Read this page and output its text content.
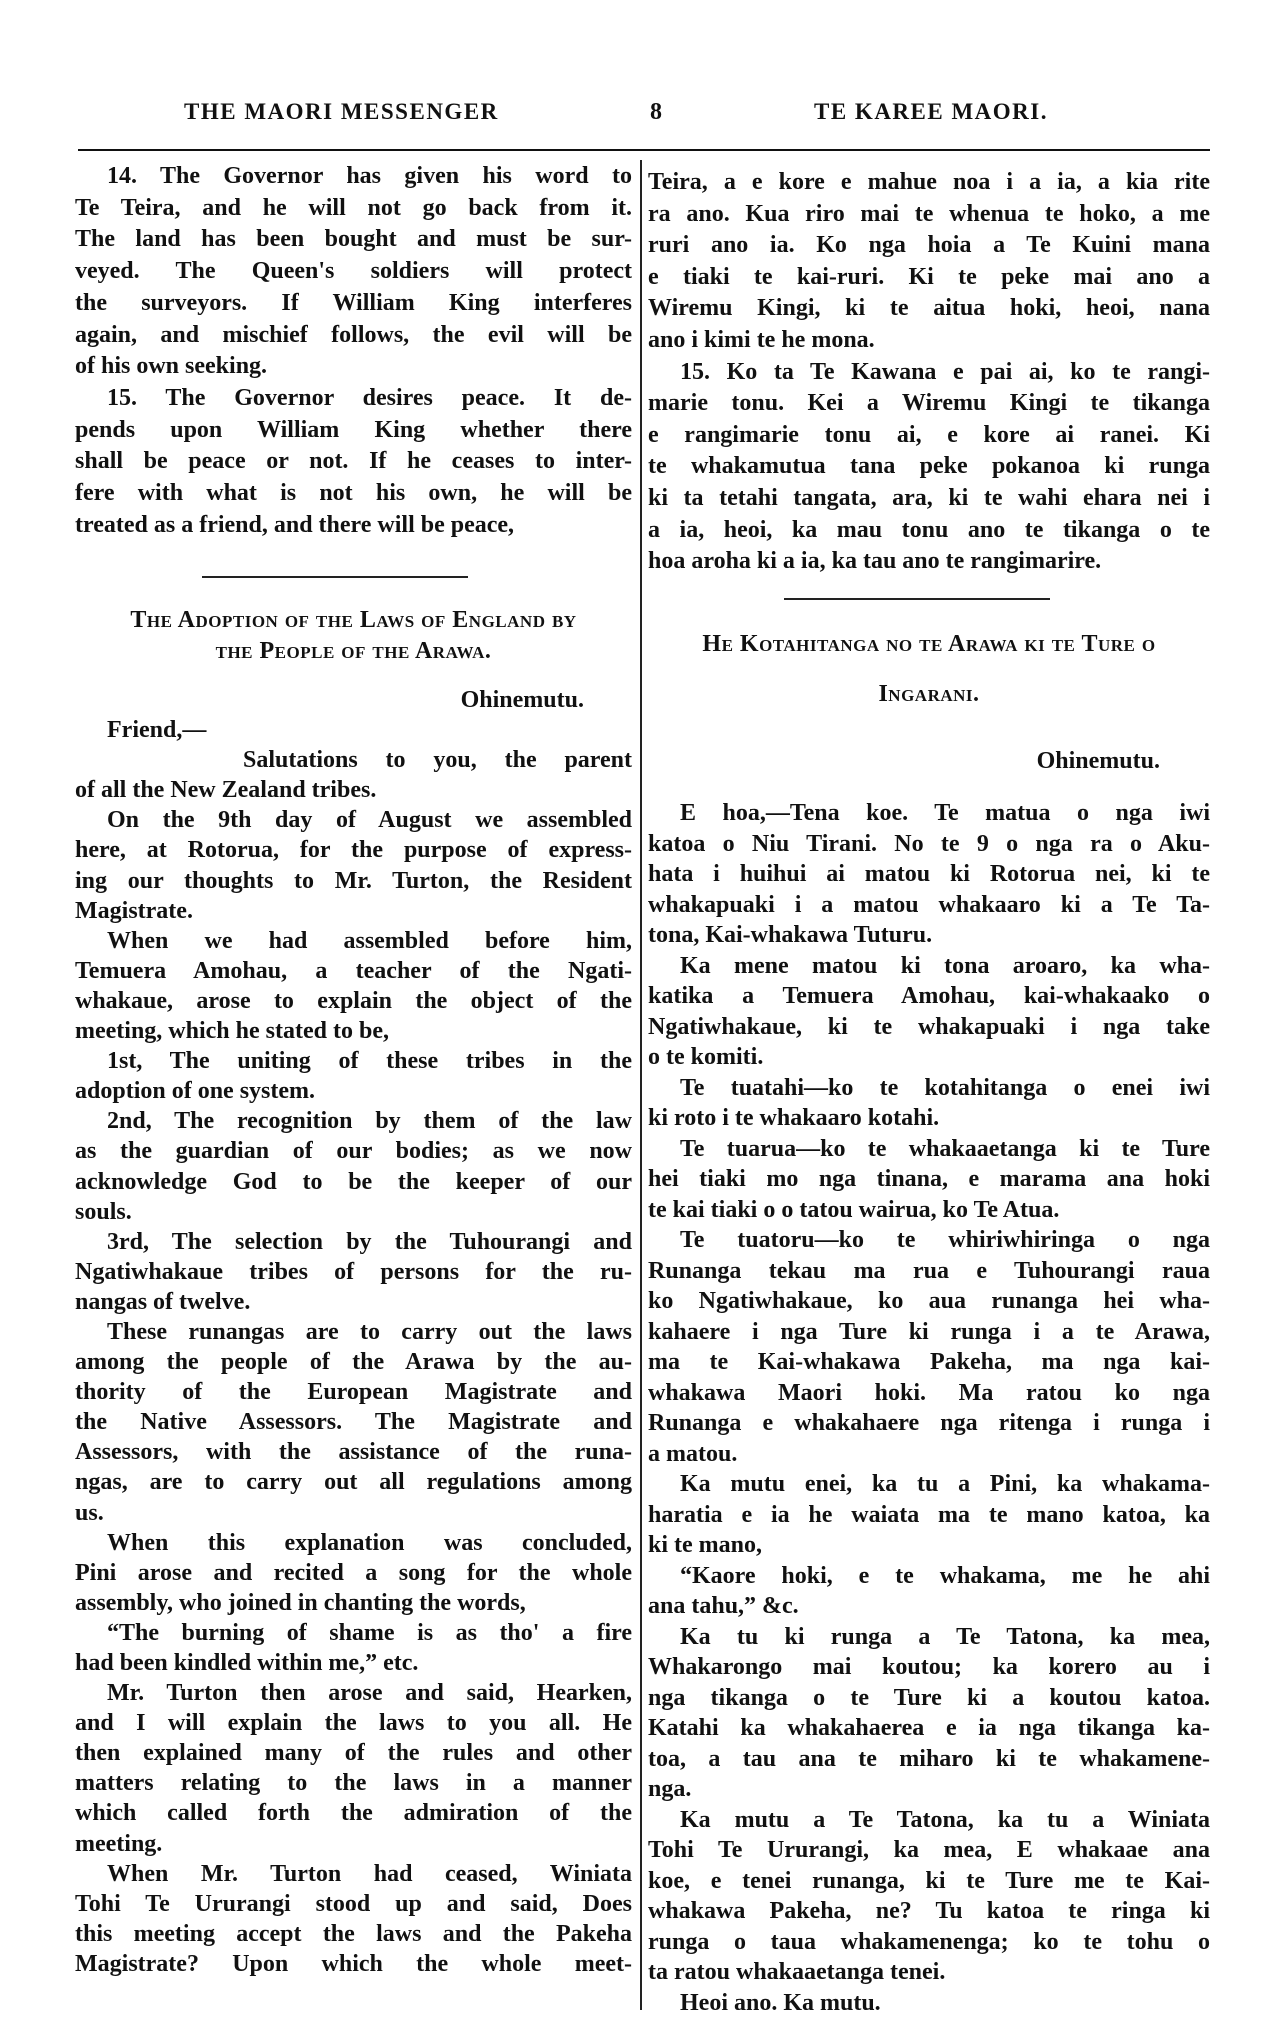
THE MAORI MESSENGER	8	TE KAREE MAORI.
14. The Governor has given his word to
Te Teira, and he will not go back from it.
The land has been bought and must be sur-
veyed. The Queen's soldiers will protect
the surveyors. If William King interferes
again, and mischief follows, the evil will be
of his own seeking.
15. The Governor desires peace. It de-
pends upon William King whether there
shall be peace or not. If he ceases to inter-
fere with what is not his own, he will be
treated as a friend, and there will be peace,
The Adoption of the Laws of England by
the People of the Arawa.
Ohinemutu.
Friend,—
Salutations to you, the parent
of all the New Zealand tribes.
On the 9th day of August we assembled
here, at Rotorua, for the purpose of express-
ing our thoughts to Mr. Turton, the Resident
Magistrate.
When we had assembled before him,
Temuera Amohau, a teacher of the Ngati-
whakaue, arose to explain the object of the
meeting, which he stated to be,
1st, The uniting of these tribes in the
adoption of one system.
2nd, The recognition by them of the law
as the guardian of our bodies; as we now
acknowledge God to be the keeper of our
souls.
3rd, The selection by the Tuhourangi and
Ngatiwhakaue tribes of persons for the ru-
nangas of twelve.
These runangas are to carry out the laws
among the people of the Arawa by the au-
thority of the European Magistrate and
the Native Assessors. The Magistrate and
Assessors, with the assistance of the runa-
ngas, are to carry out all regulations among
us.
When this explanation was concluded,
Pini arose and recited a song for the whole
assembly, who joined in chanting the words,
“The burning of shame is as tho' a fire
had been kindled within me,” etc.
Mr. Turton then arose and said, Hearken,
and I will explain the laws to you all. He
then explained many of the rules and other
matters relating to the laws in a manner
which called forth the admiration of the
meeting.
When Mr. Turton had ceased, Winiata
Tohi Te Ururangi stood up and said, Does
this meeting accept the laws and the Pakeha
Magistrate? Upon which the whole meet-
Teira, a e kore e mahue noa i a ia, a kia rite
ra ano. Kua riro mai te whenua te hoko, a me
ruri ano ia. Ko nga hoia a Te Kuini mana
e tiaki te kai-ruri. Ki te peke mai ano a
Wiremu Kingi, ki te aitua hoki, heoi, nana
ano i kimi te he mona.
15. Ko ta Te Kawana e pai ai, ko te rangi-
marie tonu. Kei a Wiremu Kingi te tikanga
e rangimarie tonu ai, e kore ai ranei. Ki
te whakamutua tana peke pokanoa ki runga
ki ta tetahi tangata, ara, ki te wahi ehara nei i
a ia, heoi, ka mau tonu ano te tikanga o te
hoa aroha ki a ia, ka tau ano te rangimarire.
He Kotahitanga no te Arawa ki te Ture o
Ingarani.
Ohinemutu.
E hoa,—Tena koe. Te matua o nga iwi
katoa o Niu Tirani. No te 9 o nga ra o Aku-
hata i huihui ai matou ki Rotorua nei, ki te
whakapuaki i a matou whakaaro ki a Te Ta-
tona, Kai-whakawa Tuturu.
Ka mene matou ki tona aroaro, ka wha-
katika a Temuera Amohau, kai-whakaako o
Ngatiwhakaue, ki te whakapuaki i nga take
o te komiti.
Te tuatahi—ko te kotahitanga o enei iwi
ki roto i te whakaaro kotahi.
Te tuarua—ko te whakaaetanga ki te Ture
hei tiaki mo nga tinana, e marama ana hoki
te kai tiaki o o tatou wairua, ko Te Atua.
Te tuatoru—ko te whiriwhiringa o nga
Runanga tekau ma rua e Tuhourangi raua
ko Ngatiwhakaue, ko aua runanga hei wha-
kahaere i nga Ture ki runga i a te Arawa,
ma te Kai-whakawa Pakeha, ma nga kai-
whakawa Maori hoki. Ma ratou ko nga
Runanga e whakahaere nga ritenga i runga i
a matou.
Ka mutu enei, ka tu a Pini, ka whakama-
haratia e ia he waiata ma te mano katoa, ka
ki te mano,
“Kaore hoki, e te whakama, me he ahi
ana tahu,” &c.
Ka tu ki runga a Te Tatona, ka mea,
Whakarongo mai koutou; ka korero au i
nga tikanga o te Ture ki a koutou katoa.
Katahi ka whakahaerea e ia nga tikanga ka-
toa, a tau ana te miharo ki te whakamene-
nga.
Ka mutu a Te Tatona, ka tu a Winiata
Tohi Te Ururangi, ka mea, E whakaae ana
koe, e tenei runanga, ki te Ture me te Kai-
whakawa Pakeha, ne? Tu katoa te ringa ki
runga o taua whakamenenga; ko te tohu o
ta ratou whakaaetanga tenei.
Heoi ano. Ka mutu.
